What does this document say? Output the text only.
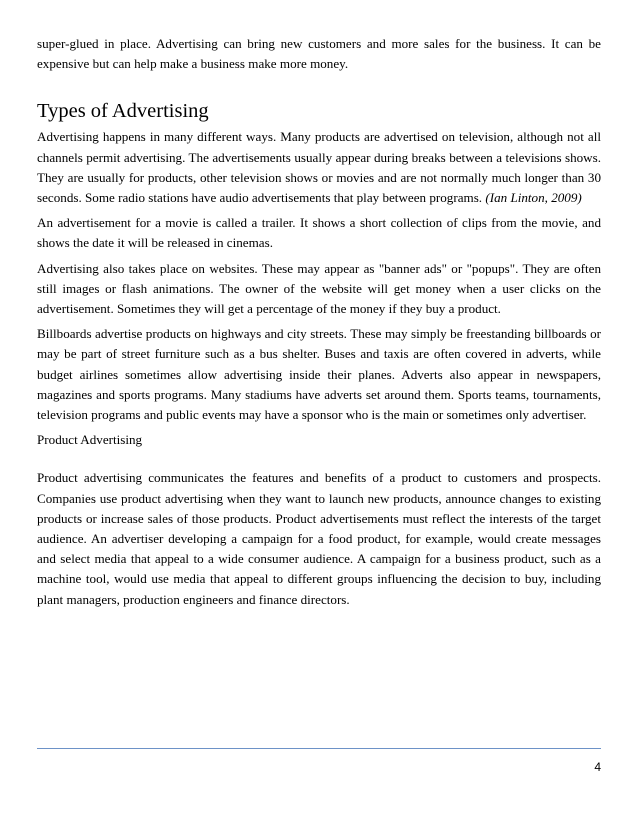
super-glued in place. Advertising can bring new customers and more sales for the business. It can be expensive but can help make a business make more money.

Types of Advertising

Advertising happens in many different ways. Many products are advertised on television, although not all channels permit advertising. The advertisements usually appear during breaks between a televisions shows. They are usually for products, other television shows or movies and are not normally much longer than 30 seconds. Some radio stations have audio advertisements that play between programs. (Ian Linton, 2009)

An advertisement for a movie is called a trailer. It shows a short collection of clips from the movie, and shows the date it will be released in cinemas.

Advertising also takes place on websites. These may appear as "banner ads" or "popups". They are often still images or flash animations. The owner of the website will get money when a user clicks on the advertisement. Sometimes they will get a percentage of the money if they buy a product.

Billboards advertise products on highways and city streets. These may simply be freestanding billboards or may be part of street furniture such as a bus shelter. Buses and taxis are often covered in adverts, while budget airlines sometimes allow advertising inside their planes. Adverts also appear in newspapers, magazines and sports programs. Many stadiums have adverts set around them. Sports teams, tournaments, television programs and public events may have a sponsor who is the main or sometimes only advertiser.

Product Advertising

Product advertising communicates the features and benefits of a product to customers and prospects. Companies use product advertising when they want to launch new products, announce changes to existing products or increase sales of those products. Product advertisements must reflect the interests of the target audience. An advertiser developing a campaign for a food product, for example, would create messages and select media that appeal to a wide consumer audience. A campaign for a business product, such as a machine tool, would use media that appeal to different groups influencing the decision to buy, including plant managers, production engineers and finance directors.

4
